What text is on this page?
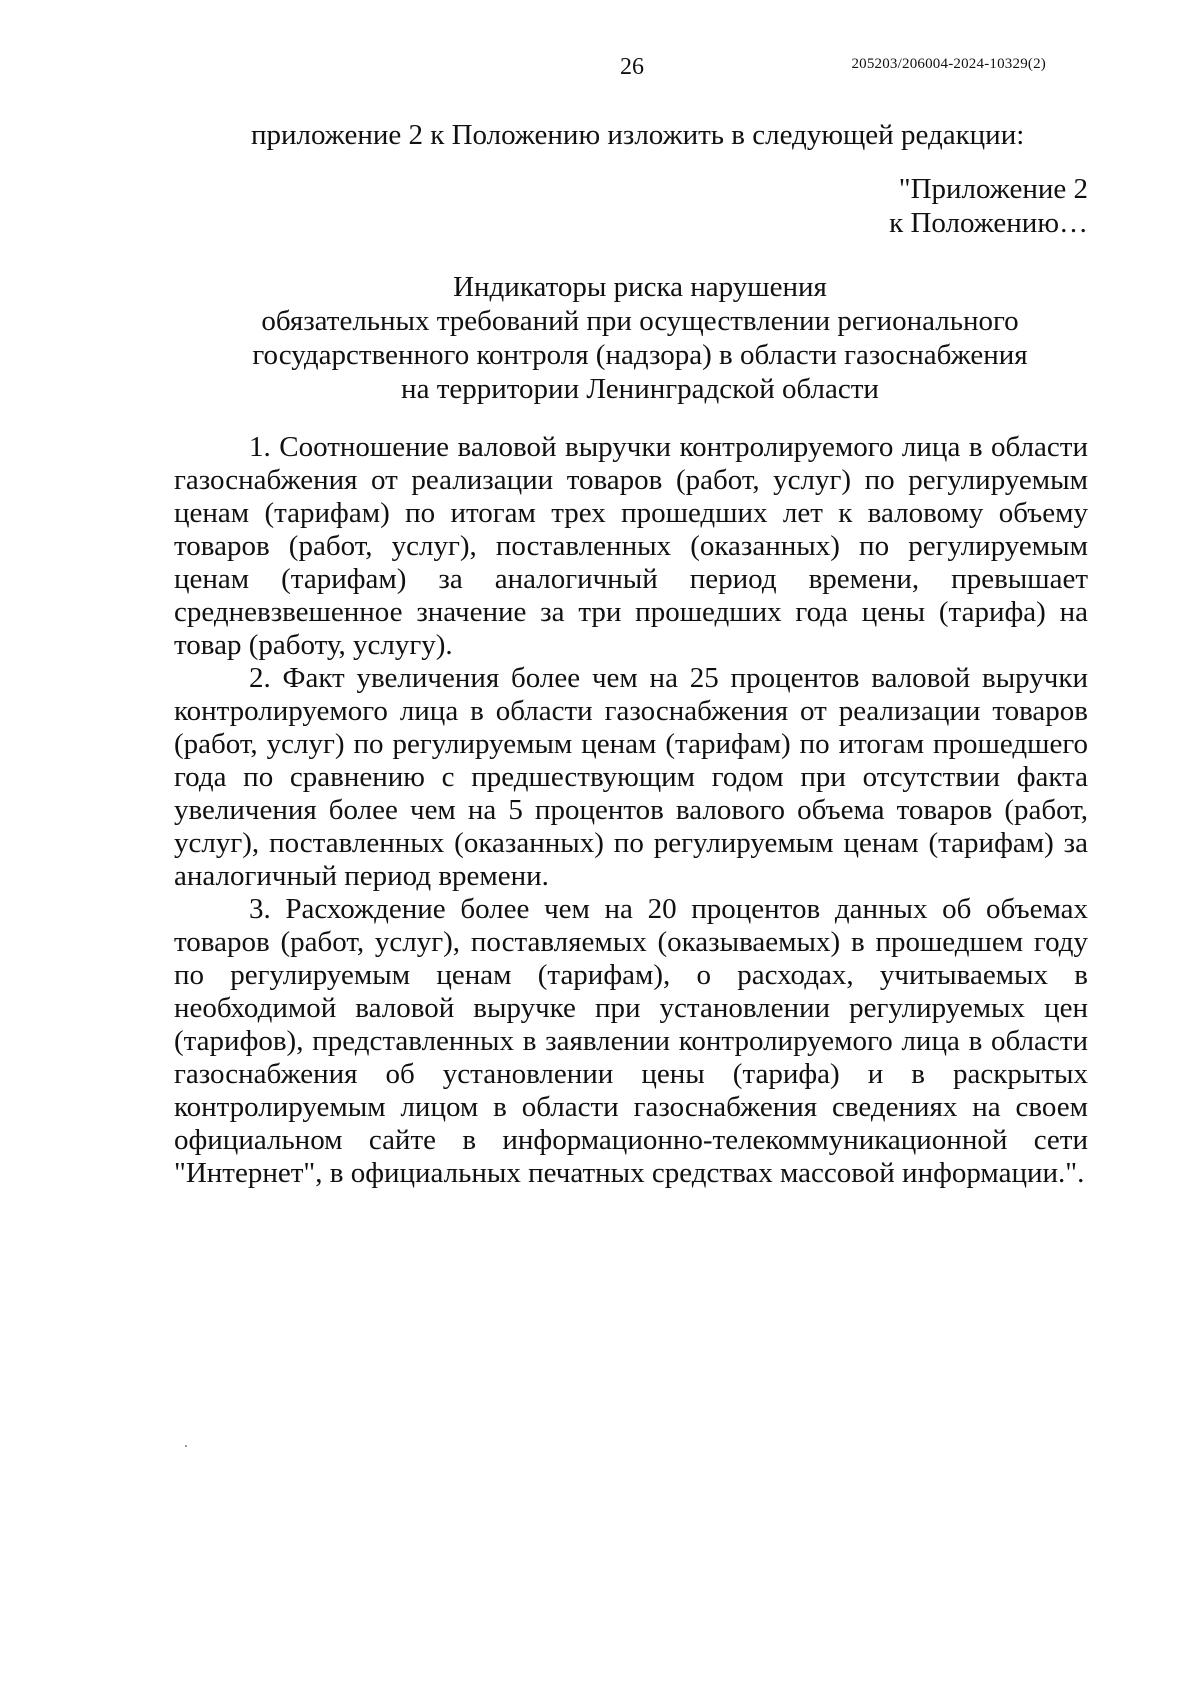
26	205203/206004-2024-10329(2)
приложение 2 к Положению изложить в следующей редакции:
"Приложение 2
к Положению…
Индикаторы риска нарушения
обязательных требований при осуществлении регионального
государственного контроля (надзора) в области газоснабжения
на территории Ленинградской области

1. Соотношение валовой выручки контролируемого лица в области газоснабжения от реализации товаров (работ, услуг) по регулируемым ценам (тарифам) по итогам трех прошедших лет к валовому объему товаров (работ, услуг), поставленных (оказанных) по регулируемым ценам (тарифам) за аналогичный период времени, превышает средневзвешенное значение за три прошедших года цены (тарифа) на товар (работу, услугу).

2. Факт увеличения более чем на 25 процентов валовой выручки контролируемого лица в области газоснабжения от реализации товаров (работ, услуг) по регулируемым ценам (тарифам) по итогам прошедшего года по сравнению с предшествующим годом при отсутствии факта увеличения более чем на 5 процентов валового объема товаров (работ, услуг), поставленных (оказанных) по регулируемым ценам (тарифам) за аналогичный период времени.

3. Расхождение более чем на 20 процентов данных об объемах товаров (работ, услуг), поставляемых (оказываемых) в прошедшем году по регулируемым ценам (тарифам), о расходах, учитываемых в необходимой валовой выручке при установлении регулируемых цен (тарифов), представленных в заявлении контролируемого лица в области газоснабжения об установлении цены (тарифа) и в раскрытых контролируемым лицом в области газоснабжения сведениях на своем официальном сайте в информационно-телекоммуникационной сети "Интернет", в официальных печатных средствах массовой информации.".
